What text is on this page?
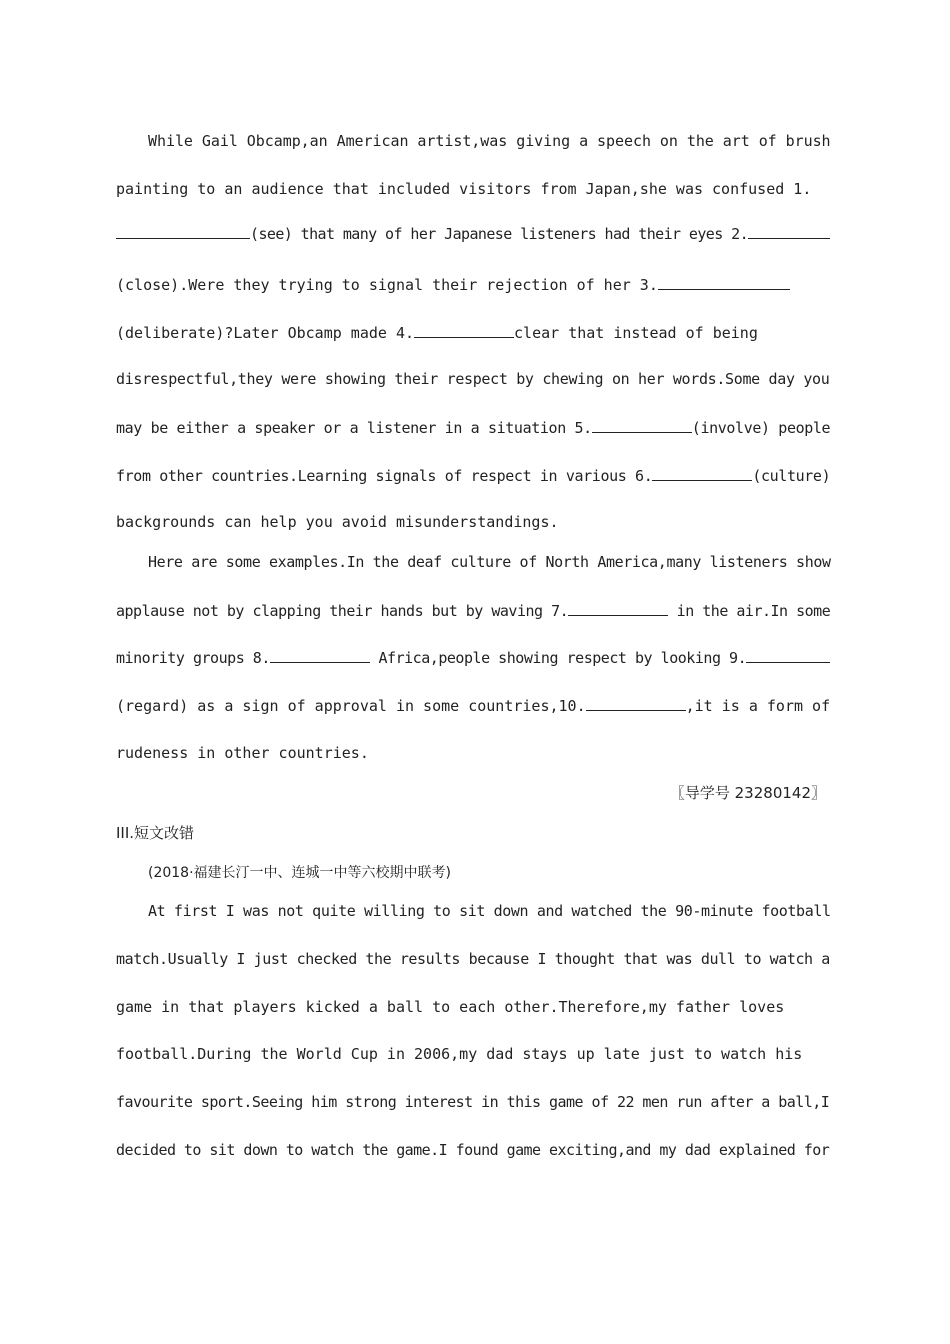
While Gail Obcamp,an American artist,was giving a speech on the art of brush
painting to an audience that included visitors from Japan,she was confused 1.
(see) that many of her Japanese listeners had their eyes 2.
(close).Were they trying to signal their rejection of her 3.
(deliberate)?Later Obcamp made 4.	clear that instead of being
disrespectful,they were showing their respect by chewing on her words.Some day you
may be either a speaker or a listener in a situation 5.	(involve) people
from other countries.Learning signals of respect in various 6.	(culture)
backgrounds can help you avoid misunderstandings.
Here are some examples.In the deaf culture of North America,many listeners show
applause not by clapping their hands but by waving 7.	in the air.In some
minority groups 8.	Africa,people showing respect by looking 9.
(regard) as a sign of approval in some countries,10.	,it is a form of
rudeness in other countries.
〖导学号 23280142〗
III.短文改错
(2018·福建长汀一中、连城一中等六校期中联考)
At first I was not quite willing to sit down and watched the 90-minute football
match.Usually I just checked the results because I thought that was dull to watch a
game in that players kicked a ball to each other.Therefore,my father loves
football.During the World Cup in 2006,my dad stays up late just to watch his
favourite sport.Seeing him strong interest in this game of 22 men run after a ball,I
decided to sit down to watch the game.I found game exciting,and my dad explained for
